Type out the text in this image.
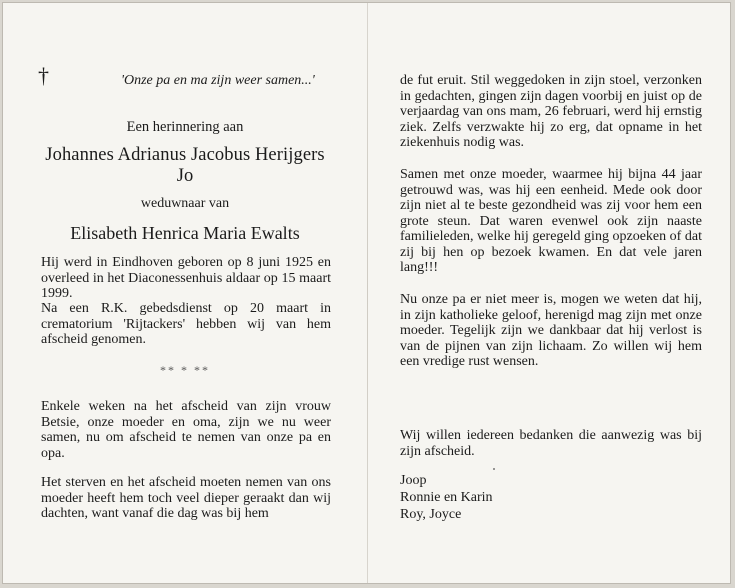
†	'Onze pa en ma zijn weer samen...'
Een herinnering aan
Johannes Adrianus Jacobus Herijgers
Jo
weduwnaar van
Elisabeth Henrica Maria Ewalts

Hij werd in Eindhoven geboren op 8 juni 1925 en overleed in het Diaconessenhuis aldaar op 15 maart 1999.

Na een R.K. gebedsdienst op 20 maart in crematorium 'Rijtackers' hebben wij van hem afscheid genomen.

** * **

Enkele weken na het afscheid van zijn vrouw Betsie, onze moeder en oma, zijn we nu weer samen, nu om afscheid te nemen van onze pa en opa.

Het sterven en het afscheid moeten nemen van ons moeder heeft hem toch veel dieper geraakt dan wij dachten, want vanaf die dag was bij hem

de fut eruit. Stil weggedoken in zijn stoel, verzonken in gedachten, gingen zijn dagen voorbij en juist op de verjaardag van ons mam, 26 februari, werd hij ernstig ziek. Zelfs verzwakte hij zo erg, dat opname in het ziekenhuis nodig was.

Samen met onze moeder, waarmee hij bijna 44 jaar getrouwd was, was hij een eenheid. Mede ook door zijn niet al te beste gezondheid was zij voor hem een grote steun. Dat waren evenwel ook zijn naaste familieleden, welke hij geregeld ging opzoeken of dat zij bij hen op bezoek kwamen. En dat vele jaren lang!!!

Nu onze pa er niet meer is, mogen we weten dat hij, in zijn katholieke geloof, herenigd mag zijn met onze moeder. Tegelijk zijn we dankbaar dat hij verlost is van de pijnen van zijn lichaam. Zo willen wij hem een vredige rust wensen.

Wij willen iedereen bedanken die aanwezig was bij zijn afscheid.

Joop
Ronnie en Karin
Roy, Joyce
